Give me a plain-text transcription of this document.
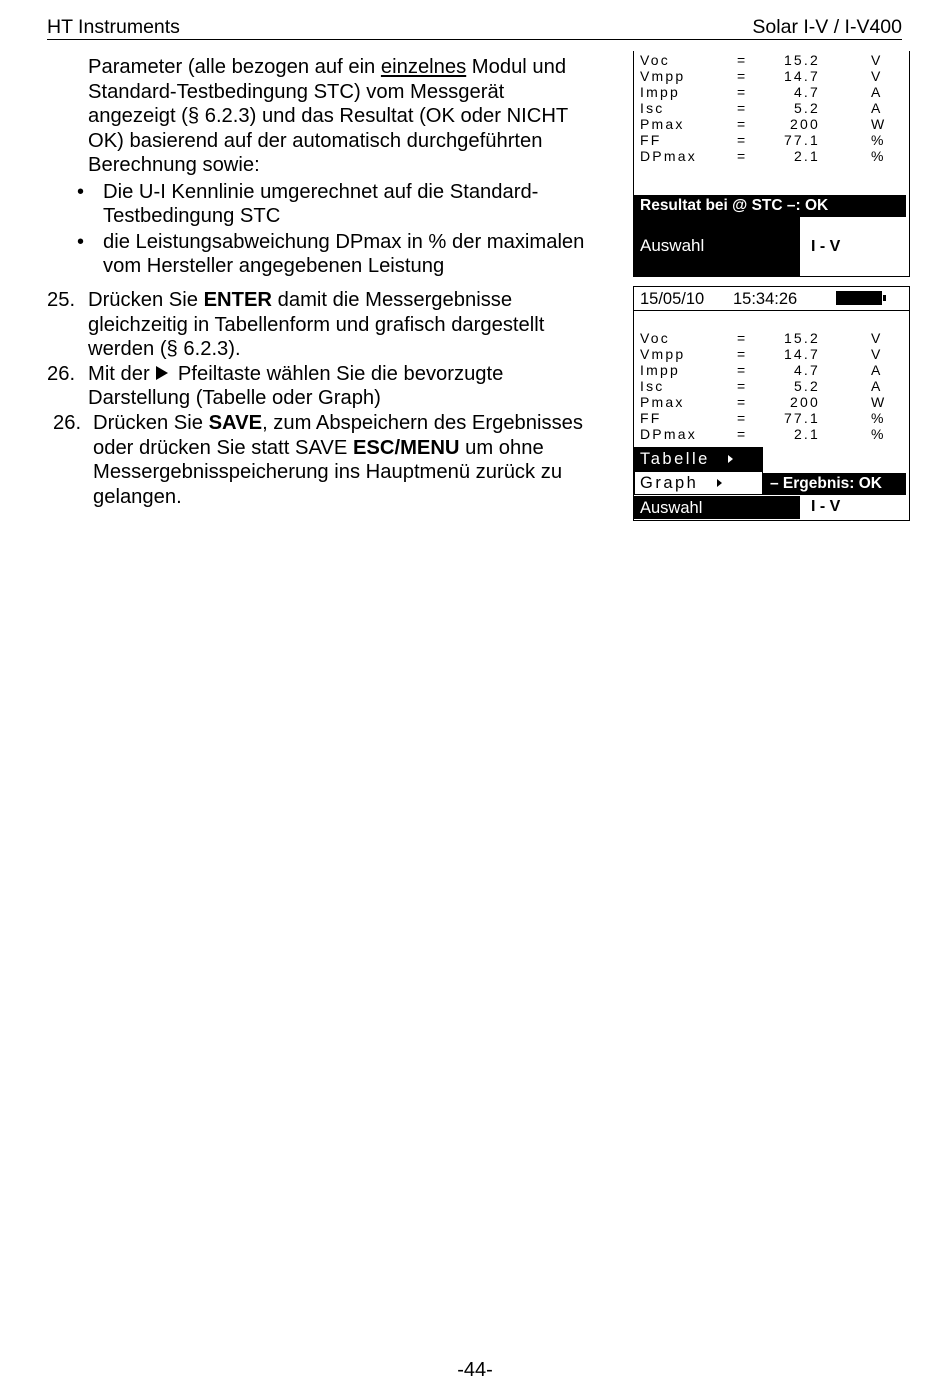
HT Instruments	Solar I-V / I-V400
Parameter (alle bezogen auf ein einzelnes Modul und
Standard-Testbedingung STC) vom Messgerät
angezeigt (§ 6.2.3) und das Resultat (OK oder NICHT
OK) basierend auf der automatisch durchgeführten
Berechnung sowie:
• Die U-I Kennlinie umgerechnet auf die Standard-
Testbedingung STC
• die Leistungsabweichung DPmax in % der maximalen
vom Hersteller angegebenen Leistung
25. Drücken Sie ENTER damit die Messergebnisse
gleichzeitig in Tabellenform und grafisch dargestellt
werden (§ 6.2.3).
26. Mit der  Pfeiltaste wählen Sie die bevorzugte
Darstellung (Tabelle oder Graph)
26. Drücken Sie SAVE, zum Abspeichern des Ergebnisses
oder drücken Sie statt SAVE ESC/MENU um ohne
Messergebnisspeicherung ins Hauptmenü zurück zu
gelangen.
Voc	=	15.2	V
Vmpp	=	14.7	V
Impp	=	4.7	A
Isc	=	5.2	A
Pmax	=	200	W
FF	=	77.1	%
DPmax	=	2.1	%
Resultat bei @ STC –: OK
Auswahl	I - V
15/05/10 15:34:26
Voc	=	15.2	V
Vmpp	=	14.7	V
Impp	=	4.7	A
Isc	=	5.2	A
Pmax	=	200	W
FF	=	77.1	%
DPmax	=	2.1	%
Tabelle
Graph	– Ergebnis: OK
Auswahl	I - V
-44-
